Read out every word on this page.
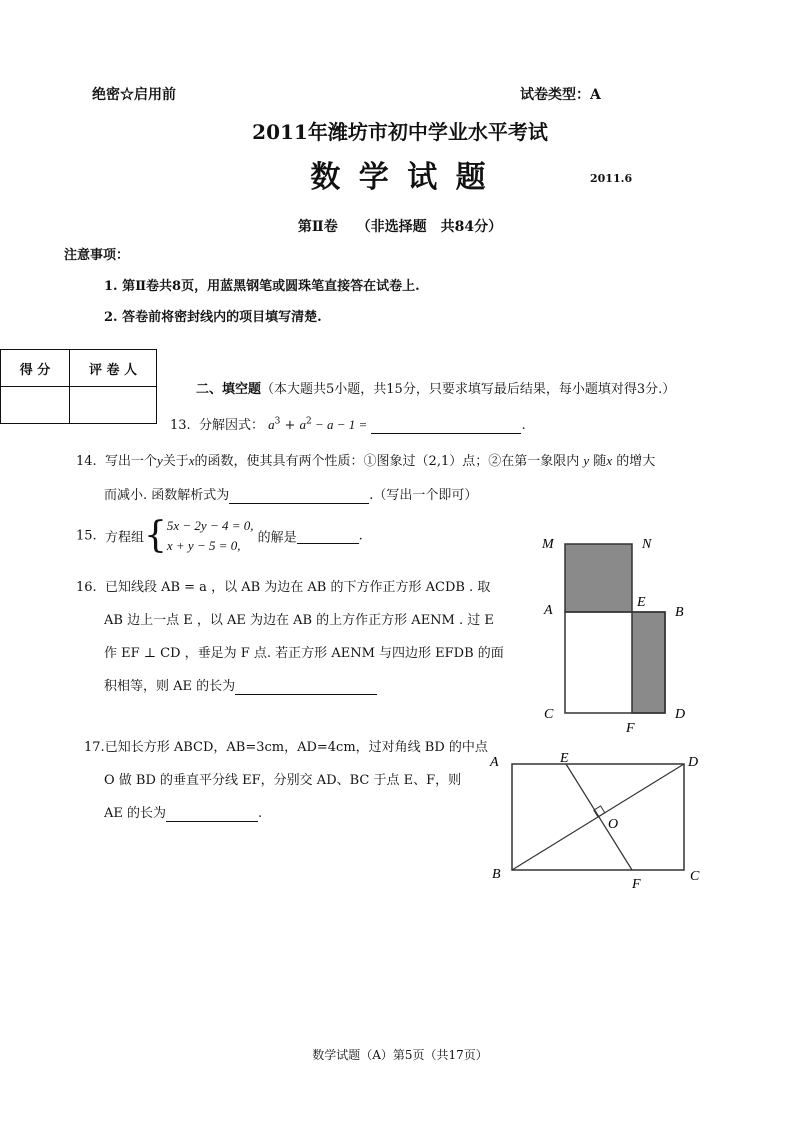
绝密☆启用前	试卷类型：A
2011年潍坊市初中学业水平考试
数 学 试 题	2011.6
第Ⅱ卷　 （非选择题　共84分）
注意事项：
1. 第Ⅱ卷共8页，用蓝黑钢笔或圆珠笔直接答在试卷上.
2. 答卷前将密封线内的项目填写清楚.
得 分	评 卷 人

二、填空题（本大题共5小题，共15分，只要求填写最后结果，每小题填对得3分.）
13. 分解因式： $a^3 + a^2 - a - 1$ =	.
14. 写出一个y关于x的函数，使其具有两个性质：①图象过（2,1）点；②在第一象限内 y 随x 的增大
而减小. 函数解析式为	.（写出一个即可）
15. 方程组{5x − 2y − 4 = 0,
x + y − 5 = 0, 的解是	.
16. 已知线段 AB = a ，以 AB 为边在 AB 的下方作正方形 ACDB . 取
AB 边上一点 E ，以 AE 为边在 AB 的上方作正方形 AENM . 过 E
作 EF ⊥ CD ，垂足为 F 点. 若正方形 AENM 与四边形 EFDB 的面
积相等，则 AE 的长为
M	N
A
E
B
C
F
D
17.已知长方形 ABCD，AB=3cm，AD=4cm，过对角线 BD 的中点
O 做 BD 的垂直平分线 EF，分别交 AD、BC 于点 E、F，则
AE 的长为	.
A	E	D
O
B
F
C
数学试题（A）第5页（共17页）
